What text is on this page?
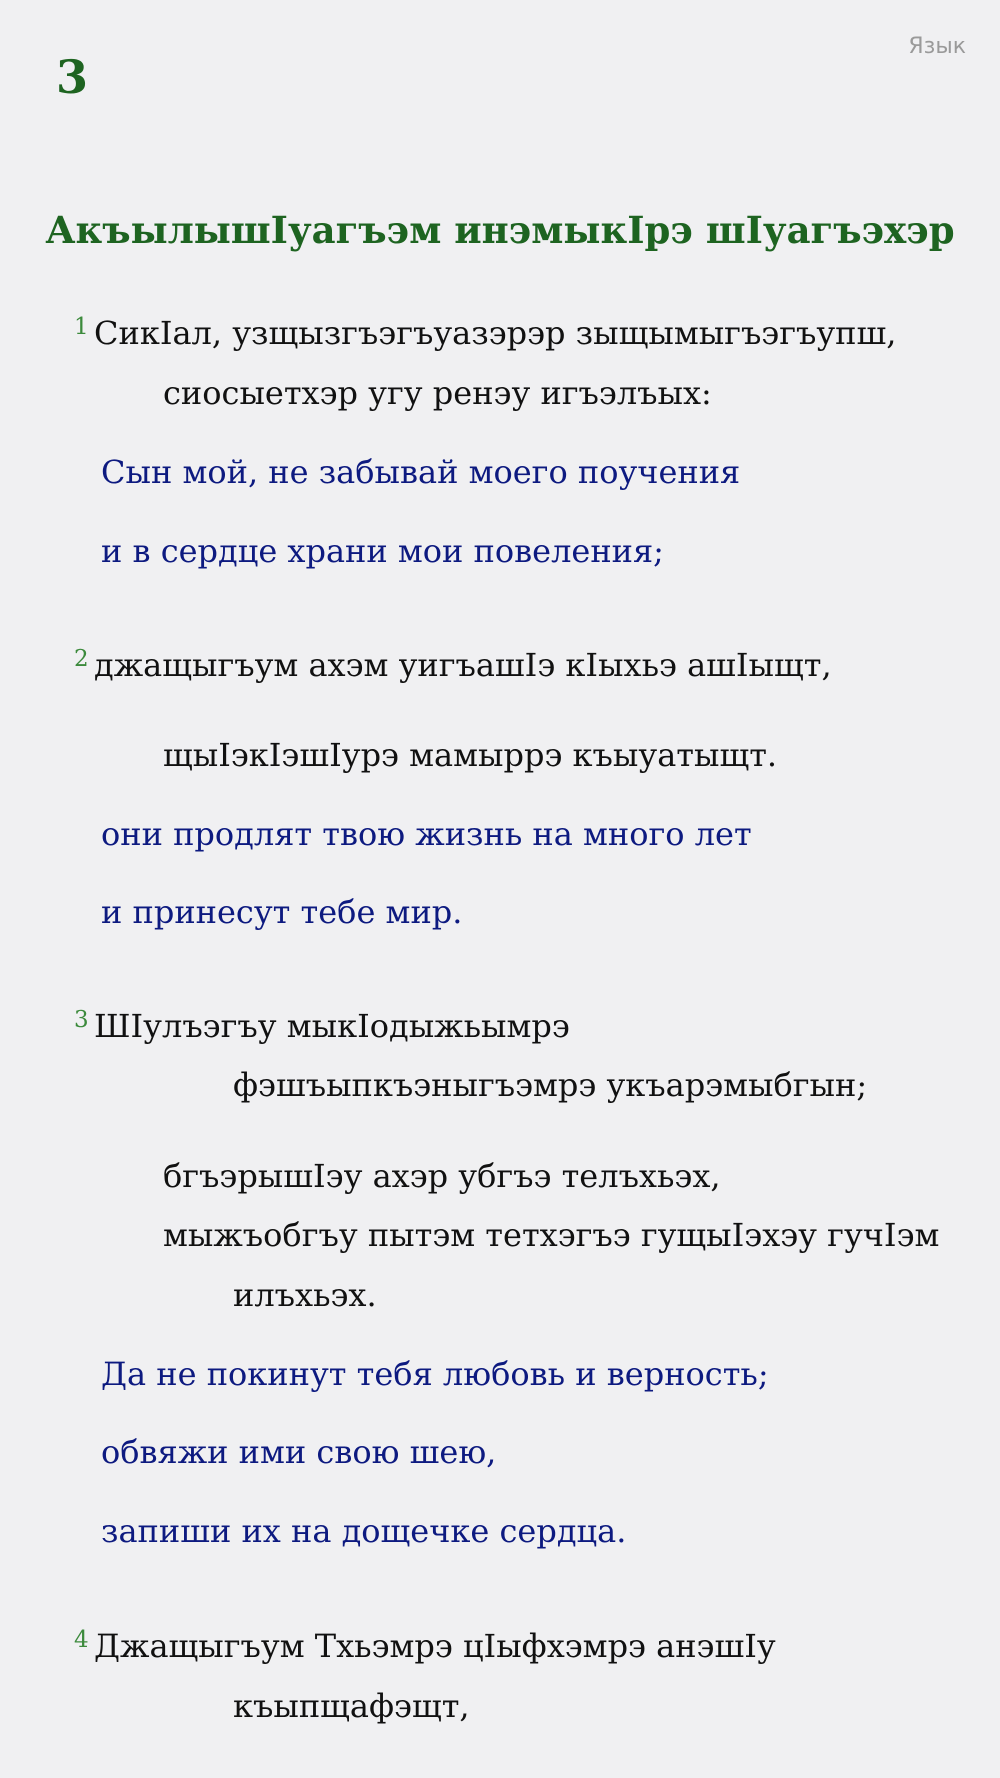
Язык
3
АкъылышIуагъэм инэмыкIрэ шIуагъэхэр
1 СикIал, узщызгъэгъуазэрэр зыщымыгъэгъупш,
сиосыетхэр угу ренэу игъэлъых:
Сын мой, не забывай моего поучения
и в сердце храни мои повеления;
2 джащыгъум ахэм уигъашIэ кIыхьэ ашIыщт,
щыIэкIэшIурэ мамыррэ къыуатыщт.
они продлят твою жизнь на много лет
и принесут тебе мир.
3 ШIулъэгъу мыкIодыжьымрэ
фэшъыпкъэныгъэмрэ укъарэмыбгын;
бгъэрышIэу ахэр убгъэ телъхьэх,
мыжъобгъу пытэм тетхэгъэ гущыIэхэу гучIэм
илъхьэх.
Да не покинут тебя любовь и верность;
обвяжи ими свою шею,
запиши их на дощечке сердца.
4 Джащыгъум Тхьэмрэ цIыфхэмрэ анэшIу
къыпщафэщт,
